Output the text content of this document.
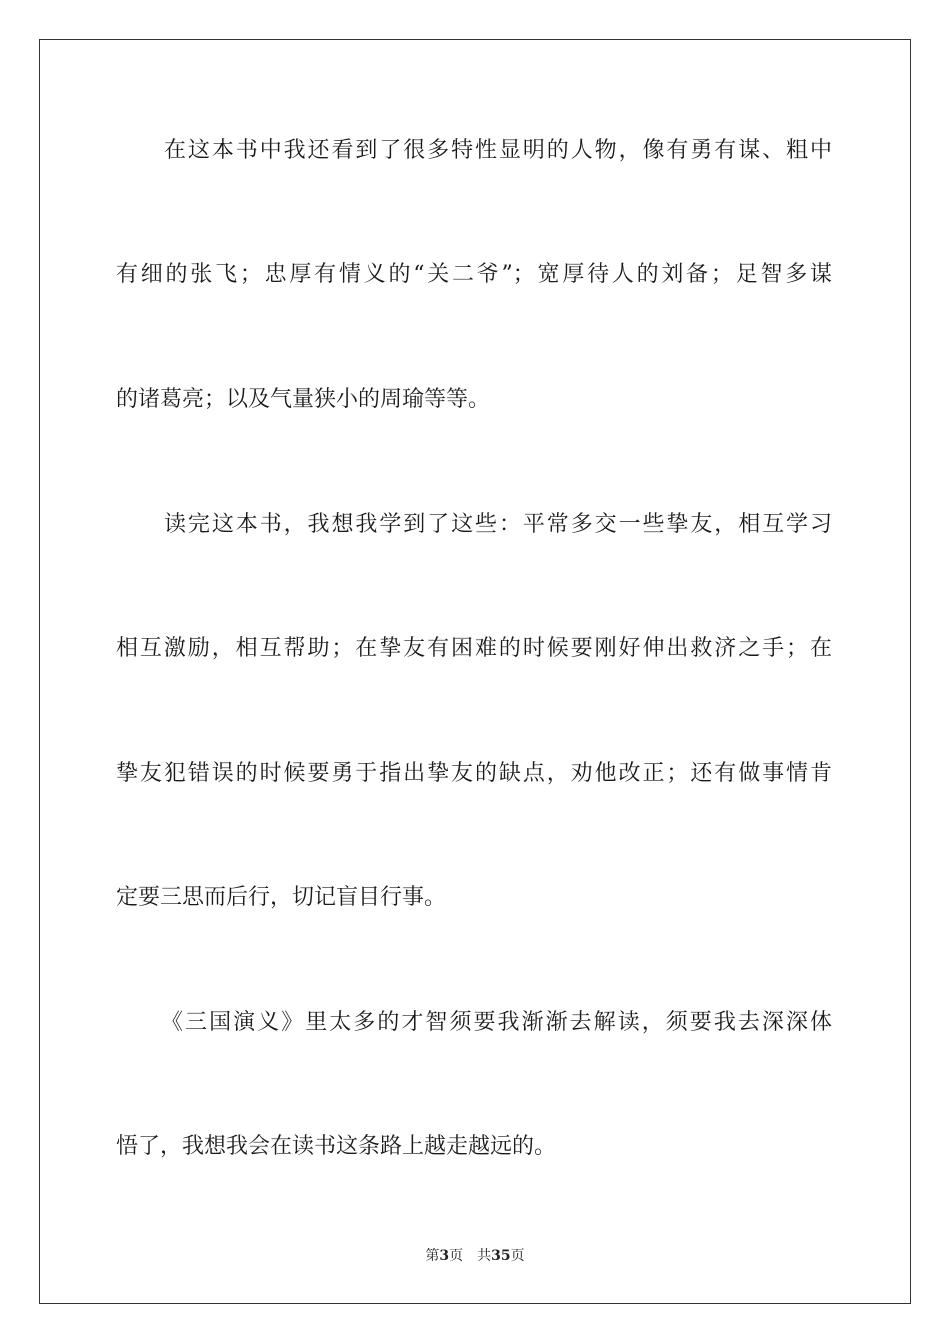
在这本书中我还看到了很多特性显明的人物，像有勇有谋、粗中
有细的张飞；忠厚有情义的“关二爷”；宽厚待人的刘备；足智多谋
的诸葛亮；以及气量狭小的周瑜等等。
读完这本书，我想我学到了这些：平常多交一些挚友，相互学习
相互激励，相互帮助；在挚友有困难的时候要刚好伸出救济之手；在
挚友犯错误的时候要勇于指出挚友的缺点，劝他改正；还有做事情肯
定要三思而后行，切记盲目行事。
《三国演义》里太多的才智须要我渐渐去解读，须要我去深深体
悟了，我想我会在读书这条路上越走越远的。
第3页 共35页
